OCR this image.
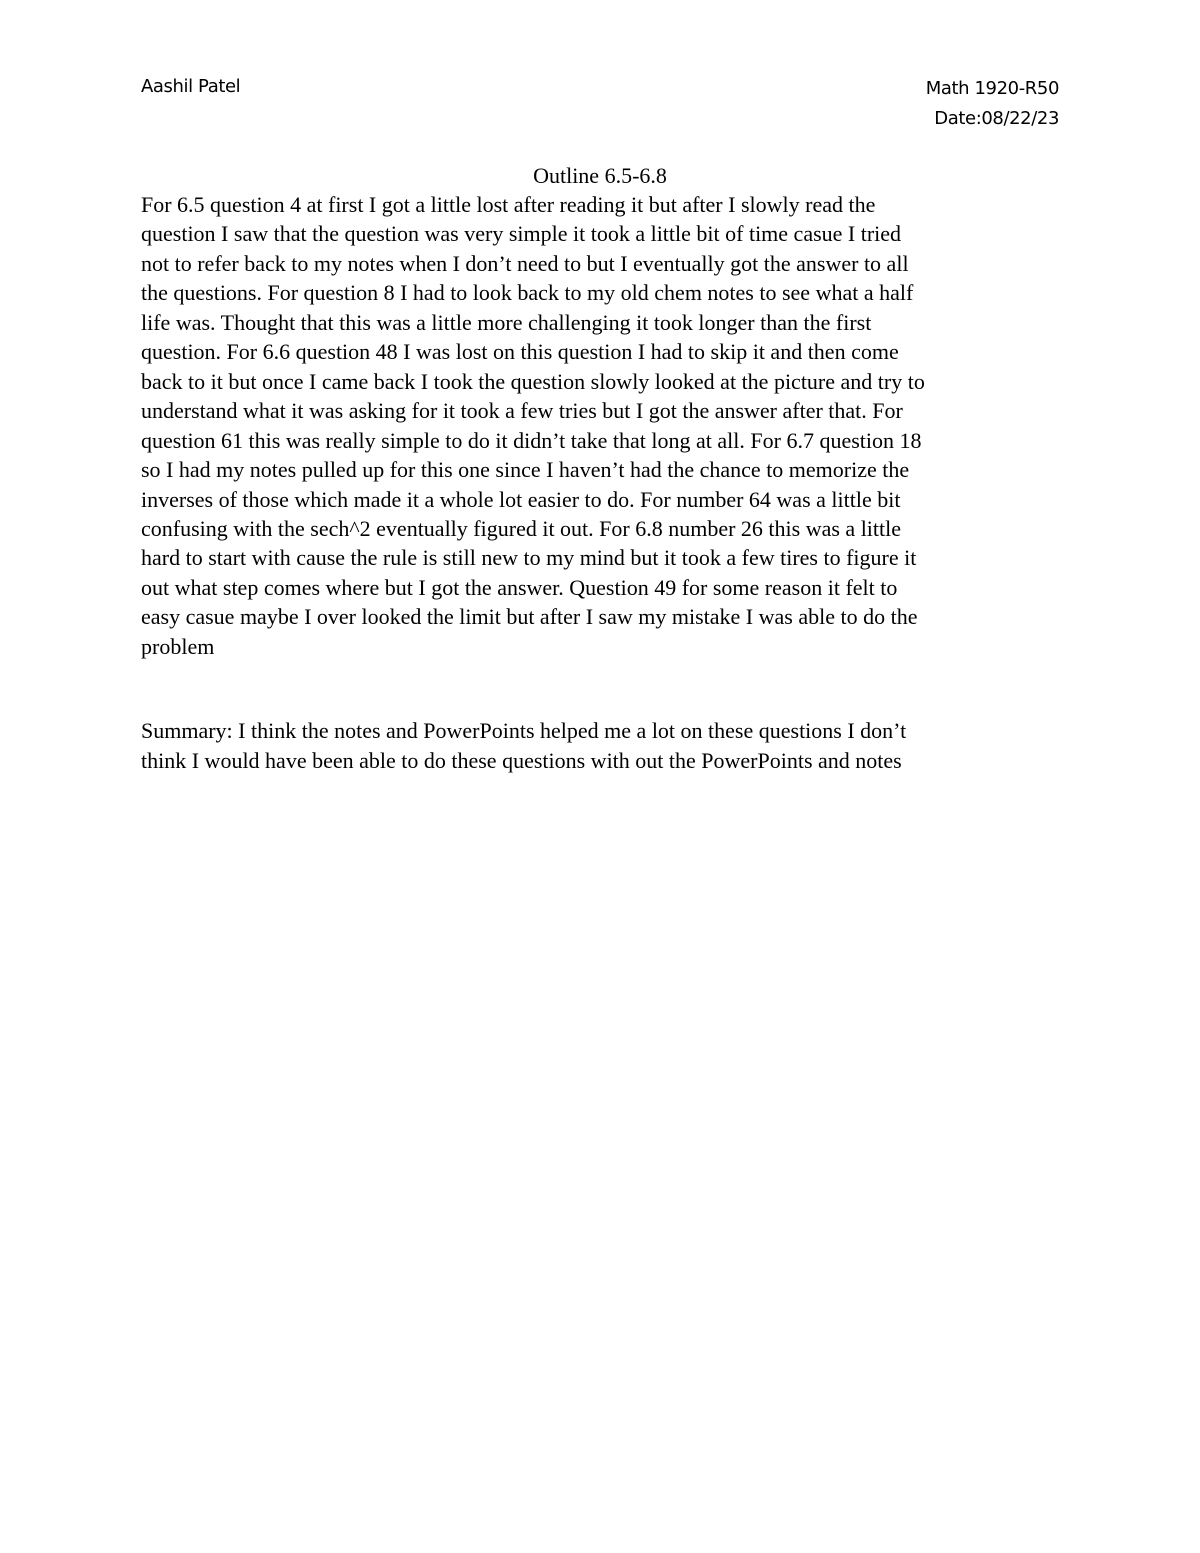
Aashil Patel	Math 1920-R50
Date:08/22/23
Outline 6.5-6.8
For 6.5 question 4 at first I got a little lost after reading it but after I slowly read the
question I saw that the question was very simple it took a little bit of time casue I tried
not to refer back to my notes when I don’t need to but I eventually got the answer to all
the questions. For question 8 I had to look back to my old chem notes to see what a half
life was. Thought that this was a little more challenging it took longer than the first
question. For 6.6 question 48 I was lost on this question I had to skip it and then come
back to it but once I came back I took the question slowly looked at the picture and try to
understand what it was asking for it took a few tries but I got the answer after that. For
question 61 this was really simple to do it didn’t take that long at all. For 6.7 question 18
so I had my notes pulled up for this one since I haven’t had the chance to memorize the
inverses of those which made it a whole lot easier to do. For number 64 was a little bit
confusing with the sech^2 eventually figured it out. For 6.8 number 26 this was a little
hard to start with cause the rule is still new to my mind but it took a few tires to figure it
out what step comes where but I got the answer. Question 49 for some reason it felt to
easy casue maybe I over looked the limit but after I saw my mistake I was able to do the
problem
Summary: I think the notes and PowerPoints helped me a lot on these questions I don’t
think I would have been able to do these questions with out the PowerPoints and notes
